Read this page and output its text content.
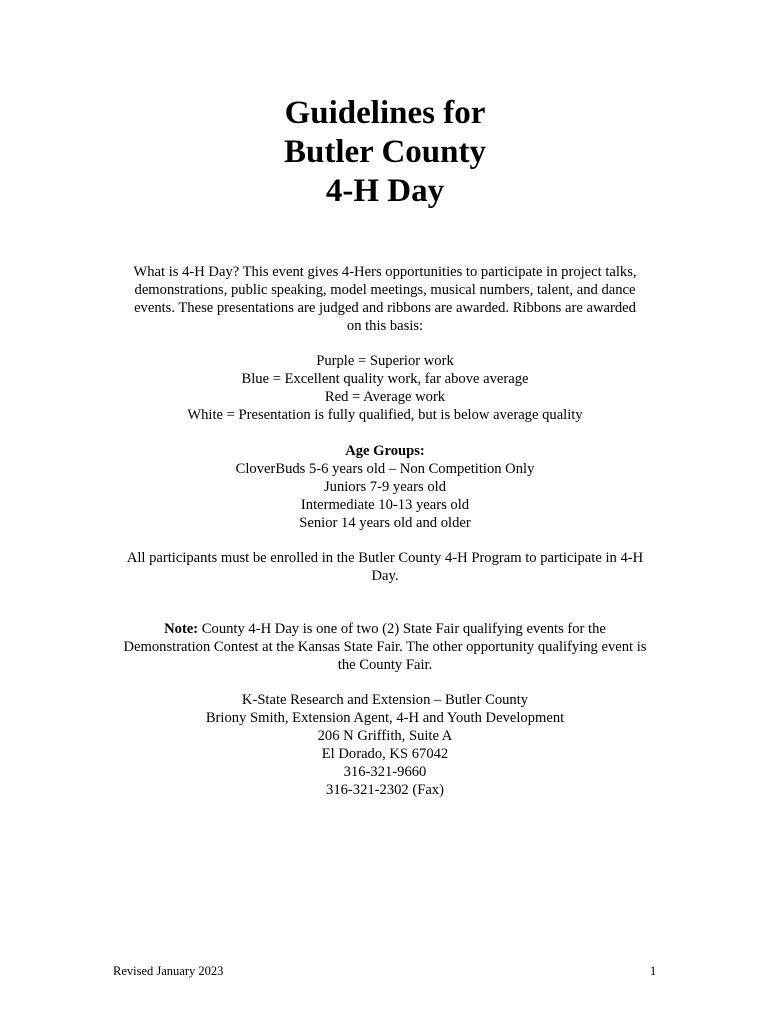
Guidelines for
Butler County
4-H Day
What is 4-H Day? This event gives 4-Hers opportunities to participate in project talks,
demonstrations, public speaking, model meetings, musical numbers, talent, and dance
events. These presentations are judged and ribbons are awarded. Ribbons are awarded
on this basis:
Purple = Superior work
Blue = Excellent quality work, far above average
Red = Average work
White = Presentation is fully qualified, but is below average quality
Age Groups:
CloverBuds 5-6 years old – Non Competition Only
Juniors 7-9 years old
Intermediate 10-13 years old
Senior 14 years old and older
All participants must be enrolled in the Butler County 4-H Program to participate in 4-H
Day.
Note: County 4-H Day is one of two (2) State Fair qualifying events for the
Demonstration Contest at the Kansas State Fair. The other opportunity qualifying event is
the County Fair.
K-State Research and Extension – Butler County
Briony Smith, Extension Agent, 4-H and Youth Development
206 N Griffith, Suite A
El Dorado, KS 67042
316-321-9660
316-321-2302 (Fax)
Revised January 2023	1
